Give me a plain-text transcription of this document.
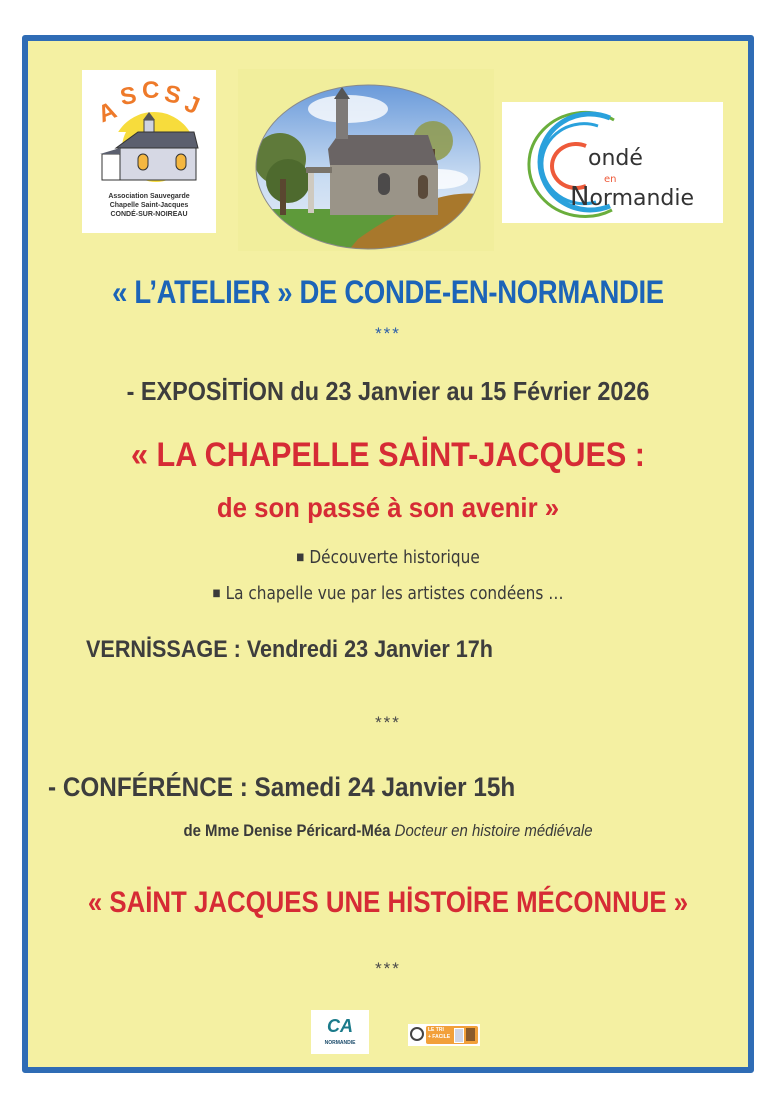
A
S C S
J
Association Sauvegarde
Chapelle Saint-Jacques
CONDÉ-SUR-NOIREAU
ondé
en
Normandie
« L’ATELIER » DE CONDE-EN-NORMANDIE
***
- EXPOSİTİON du 23 Janvier au 15 Février 2026
« LA CHAPELLE SAİNT-JACQUES :
de son passé à son avenir »
■ Découverte historique
■ La chapelle vue par les artistes condéens …
VERNİSSAGE : Vendredi 23 Janvier 17h
***
- CONFÉRÉNCE : Samedi 24 Janvier 15h
de Mme Denise Péricard-Méa Docteur en histoire médiévale
« SAİNT JACQUES UNE HİSTOİRE MÉCONNUE »
***
CA
NORMANDIE
LE TRI
+ FACILE
